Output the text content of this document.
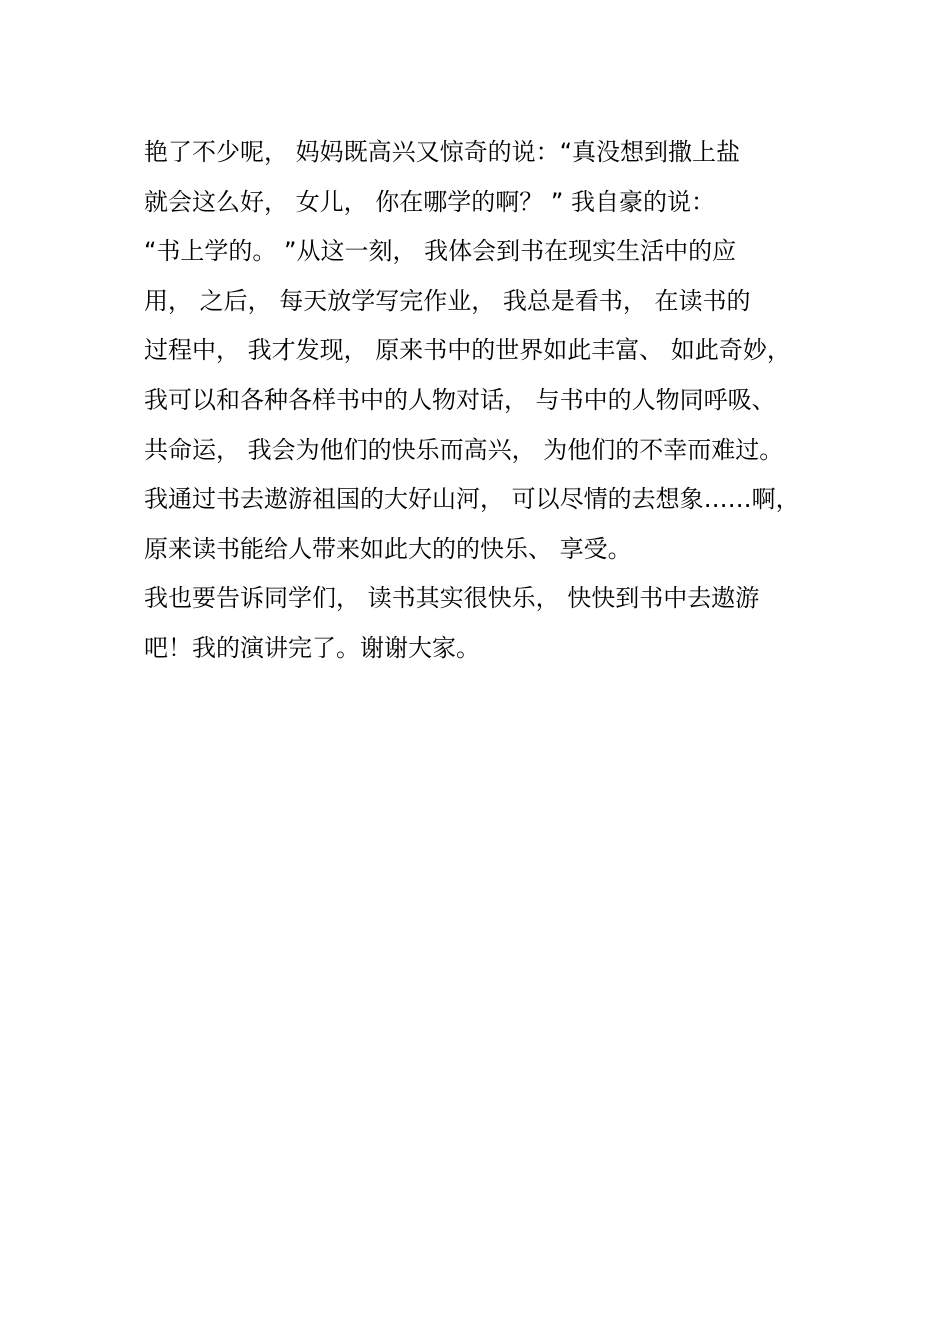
艳了不少呢， 妈妈既高兴又惊奇的说：“真没想到撒上盐
就会这么好， 女儿， 你在哪学的啊？ ” 我自豪的说：
“书上学的。 ”从这一刻， 我体会到书在现实生活中的应
用， 之后， 每天放学写完作业， 我总是看书， 在读书的
过程中， 我才发现， 原来书中的世界如此丰富、 如此奇妙，
我可以和各种各样书中的人物对话， 与书中的人物同呼吸、
共命运， 我会为他们的快乐而高兴， 为他们的不幸而难过。
我通过书去遨游祖国的大好山河， 可以尽情的去想象……啊，
原来读书能给人带来如此大的的快乐、 享受。
我也要告诉同学们， 读书其实很快乐， 快快到书中去遨游
吧！我的演讲完了。谢谢大家。
